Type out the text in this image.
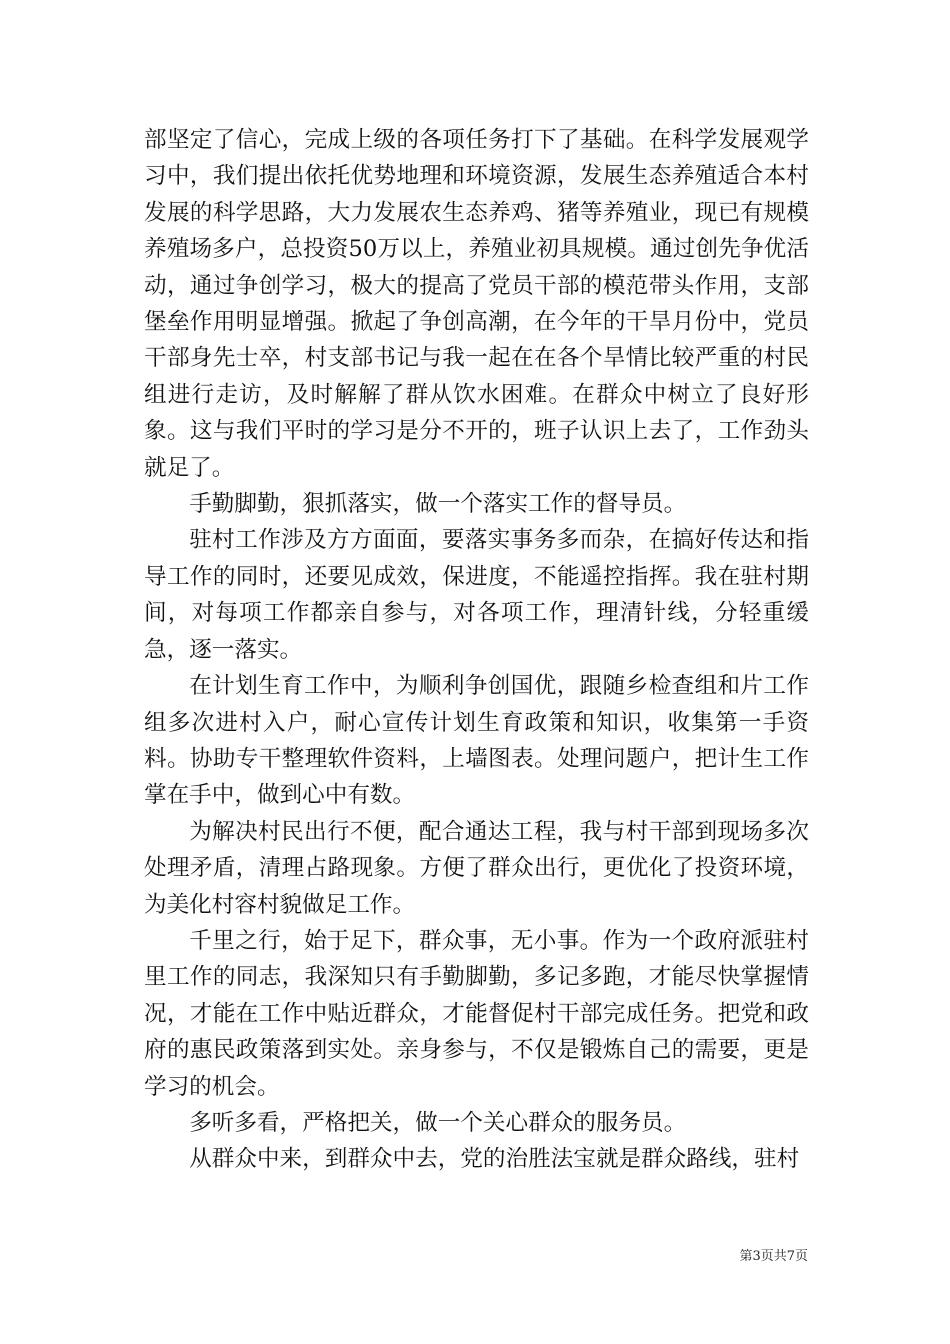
部坚定了信心，完成上级的各项任务打下了基础。在科学发展观学习中，我们提出依托优势地理和环境资源，发展生态养殖适合本村发展的科学思路，大力发展农生态养鸡、猪等养殖业，现已有规模养殖场多户，总投资50万以上，养殖业初具规模。通过创先争优活动，通过争创学习，极大的提高了党员干部的模范带头作用，支部堡垒作用明显增强。掀起了争创高潮，在今年的干旱月份中，党员干部身先士卒，村支部书记与我一起在在各个旱情比较严重的村民组进行走访，及时解解了群从饮水困难。在群众中树立了良好形象。这与我们平时的学习是分不开的，班子认识上去了，工作劲头就足了。

手勤脚勤，狠抓落实，做一个落实工作的督导员。

驻村工作涉及方方面面，要落实事务多而杂，在搞好传达和指导工作的同时，还要见成效，保进度，不能遥控指挥。我在驻村期间，对每项工作都亲自参与，对各项工作，理清针线，分轻重缓急，逐一落实。

在计划生育工作中，为顺利争创国优，跟随乡检查组和片工作组多次进村入户，耐心宣传计划生育政策和知识，收集第一手资料。协助专干整理软件资料，上墙图表。处理问题户，把计生工作掌在手中，做到心中有数。

为解决村民出行不便，配合通达工程，我与村干部到现场多次处理矛盾，清理占路现象。方便了群众出行，更优化了投资环境，为美化村容村貌做足工作。

千里之行，始于足下，群众事，无小事。作为一个政府派驻村里工作的同志，我深知只有手勤脚勤，多记多跑，才能尽快掌握情况，才能在工作中贴近群众，才能督促村干部完成任务。把党和政府的惠民政策落到实处。亲身参与，不仅是锻炼自己的需要，更是学习的机会。

多听多看，严格把关，做一个关心群众的服务员。

从群众中来，到群众中去，党的治胜法宝就是群众路线，驻村

第3页共7页
